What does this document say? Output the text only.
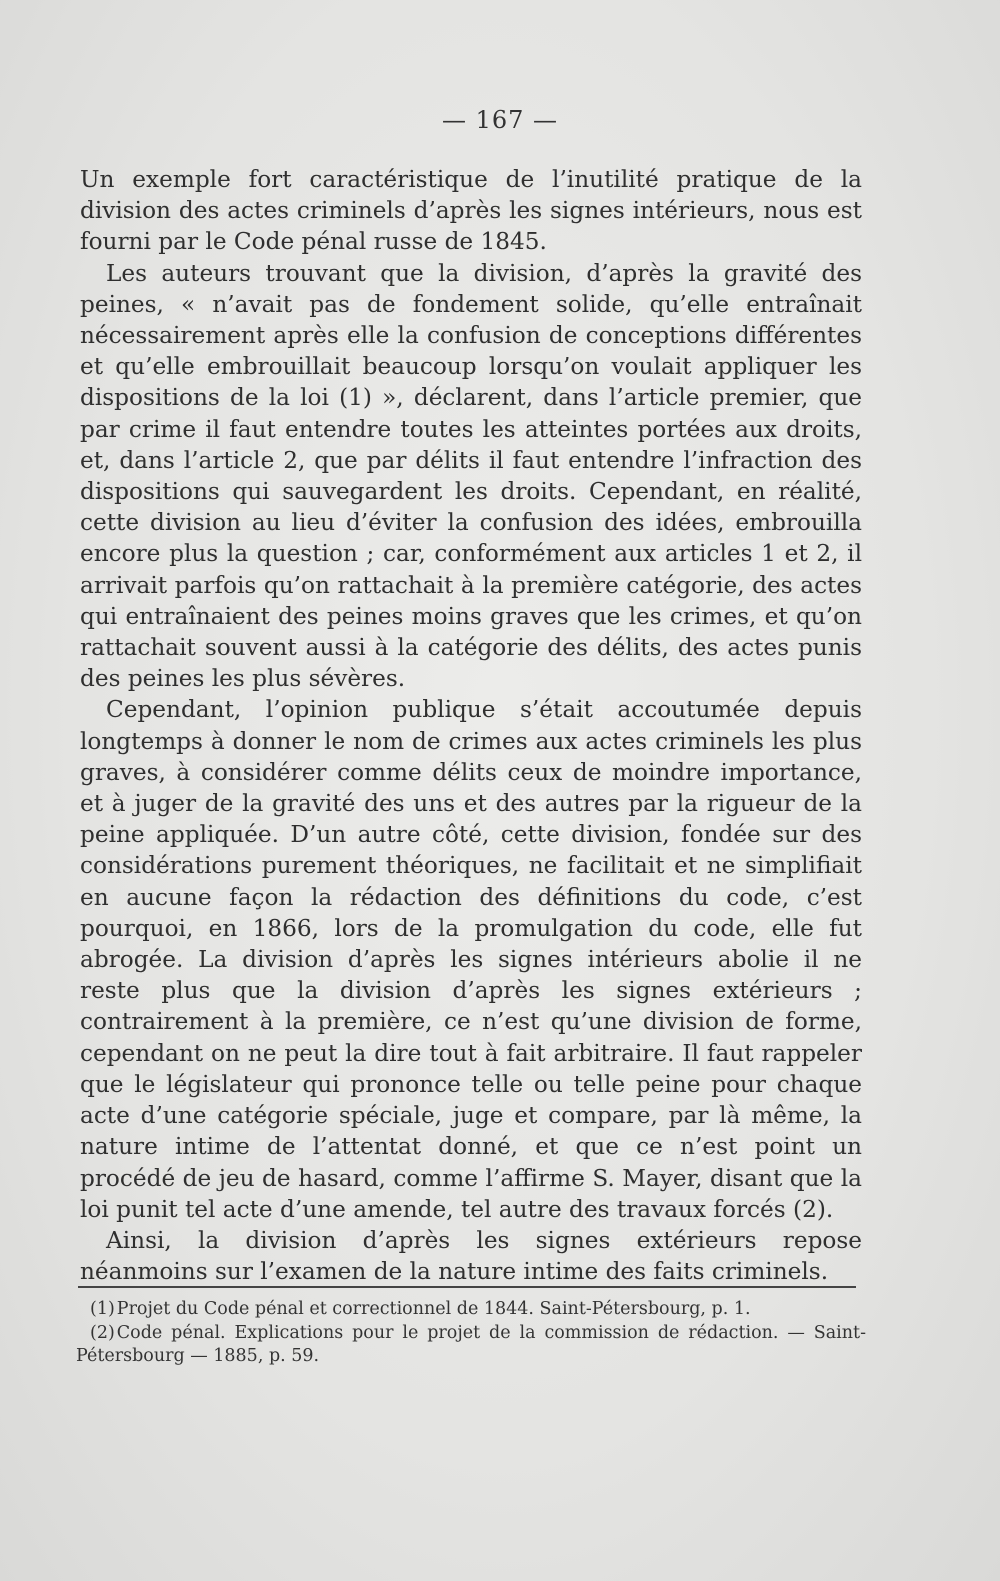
— 167 —

Un exemple fort caractéristique de l’inutilité pratique de la division des actes criminels d’après les signes intérieurs, nous est fourni par le Code pénal russe de 1845.

Les auteurs trouvant que la division, d’après la gravité des peines, « n’avait pas de fondement solide, qu’elle entraînait nécessairement après elle la confusion de conceptions différentes et qu’elle embrouillait beaucoup lorsqu’on voulait appliquer les dispositions de la loi (1) », déclarent, dans l’article premier, que par crime il faut entendre toutes les atteintes portées aux droits, et, dans l’article 2, que par délits il faut entendre l’infraction des dispositions qui sauvegardent les droits. Cependant, en réalité, cette division au lieu d’éviter la confusion des idées, embrouilla encore plus la question ; car, conformément aux articles 1 et 2, il arrivait parfois qu’on rattachait à la première catégorie, des actes qui entraînaient des peines moins graves que les crimes, et qu’on rattachait souvent aussi à la catégorie des délits, des actes punis des peines les plus sévères.

Cependant, l’opinion publique s’était accoutumée depuis longtemps à donner le nom de crimes aux actes criminels les plus graves, à considérer comme délits ceux de moindre importance, et à juger de la gravité des uns et des autres par la rigueur de la peine appliquée. D’un autre côté, cette division, fondée sur des considérations purement théoriques, ne facilitait et ne simplifiait en aucune façon la rédaction des définitions du code, c’est pourquoi, en 1866, lors de la promulgation du code, elle fut abrogée. La division d’après les signes intérieurs abolie il ne reste plus que la division d’après les signes extérieurs ; contrairement à la première, ce n’est qu’une division de forme, cependant on ne peut la dire tout à fait arbitraire. Il faut rappeler que le législateur qui prononce telle ou telle peine pour chaque acte d’une catégorie spéciale, juge et compare, par là même, la nature intime de l’attentat donné, et que ce n’est point un procédé de jeu de hasard, comme l’affirme S. Mayer, disant que la loi punit tel acte d’une amende, tel autre des travaux forcés (2).

Ainsi, la division d’après les signes extérieurs repose néanmoins sur l’examen de la nature intime des faits criminels.

(1) Projet du Code pénal et correctionnel de 1844. Saint-Pétersbourg, p. 1.

(2) Code pénal. Explications pour le projet de la commission de rédaction. — Saint-Pétersbourg — 1885, p. 59.
